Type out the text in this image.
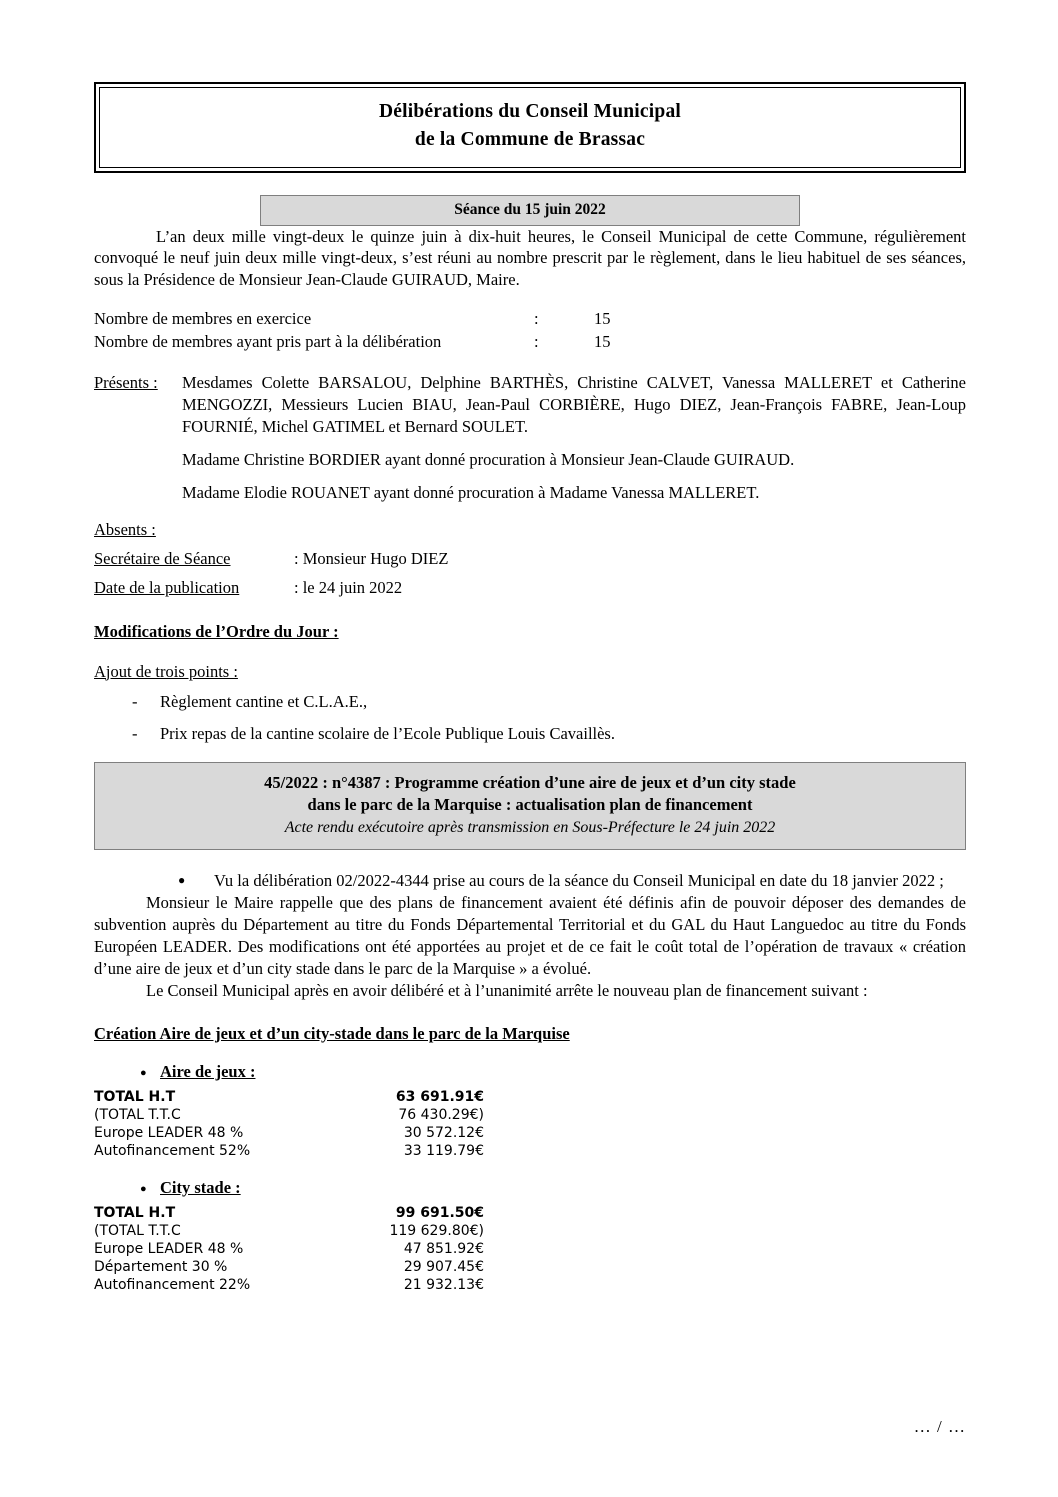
Délibérations du Conseil Municipal
de la Commune de Brassac
Séance du 15 juin 2022

L’an deux mille vingt-deux le quinze juin à dix-huit heures, le Conseil Municipal de cette Commune, régulièrement convoqué le neuf juin deux mille vingt-deux, s’est réuni au nombre prescrit par le règlement, dans le lieu habituel de ses séances, sous la Présidence de Monsieur Jean-Claude GUIRAUD, Maire.

Nombre de membres en exercice	:	15
Nombre de membres ayant pris part à la délibération	:	15
Présents :	Mesdames Colette BARSALOU, Delphine BARTHÈS, Christine CALVET, Vanessa MALLERET et Catherine MENGOZZI, Messieurs Lucien BIAU, Jean-Paul CORBIÈRE, Hugo DIEZ, Jean-François FABRE, Jean-Loup FOURNIÉ, Michel GATIMEL et Bernard SOULET.
Madame Christine BORDIER ayant donné procuration à Monsieur Jean-Claude GUIRAUD.
Madame Elodie ROUANET ayant donné procuration à Madame Vanessa MALLERET.
Absents :
Secrétaire de Séance	: Monsieur Hugo DIEZ
Date de la publication	: le 24 juin 2022
Modifications de l’Ordre du Jour :
Ajout de trois points :
- Règlement cantine et C.L.A.E.,
- Prix repas de la cantine scolaire de l’Ecole Publique Louis Cavaillès.
45/2022 : n°4387 : Programme création d’une aire de jeux et d’un city stade
dans le parc de la Marquise : actualisation plan de financement
Acte rendu exécutoire après transmission en Sous-Préfecture le 24 juin 2022
● Vu la délibération 02/2022-4344 prise au cours de la séance du Conseil Municipal en date du 18 janvier 2022 ;

Monsieur le Maire rappelle que des plans de financement avaient été définis afin de pouvoir déposer des demandes de subvention auprès du Département au titre du Fonds Départemental Territorial et du GAL du Haut Languedoc au titre du Fonds Européen LEADER. Des modifications ont été apportées au projet et de ce fait le coût total de l’opération de travaux « création d’une aire de jeux et d’un city stade dans le parc de la Marquise » a évolué.

Le Conseil Municipal après en avoir délibéré et à l’unanimité arrête le nouveau plan de financement suivant :

Création Aire de jeux et d’un city-stade dans le parc de la Marquise
● Aire de jeux :
TOTAL H.T	63 691.91€
(TOTAL T.T.C	76 430.29€)
Europe LEADER 48 %	30 572.12€
Autofinancement 52%	33 119.79€
● City stade :
TOTAL H.T	99 691.50€
(TOTAL T.T.C	119 629.80€)
Europe LEADER 48 %	47 851.92€
Département 30 %	29 907.45€
Autofinancement 22%	21 932.13€
… / …
